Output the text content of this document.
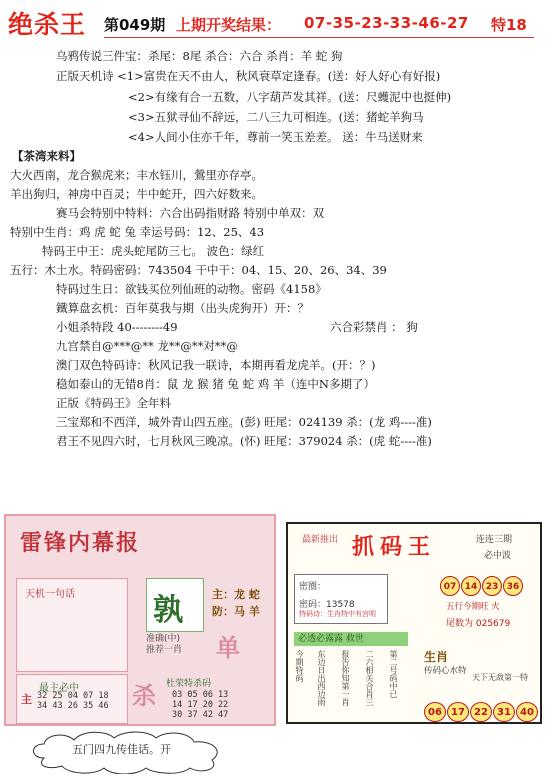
绝杀王 第049期 上期开奖结果： 07-35-23-33-46-27 特18
乌鸦传说三件宝：杀尾：8尾 杀合：六合 杀肖：羊 蛇 狗
正版天机诗 <1>富贵在天不由人，秋风衰草定逢春。(送：好人好心有好报)
<2>有缘有合一五数，八字葫芦发其祥。(送：尺蠖泥中也挺伸)
<3>五狱寻仙不辞远，二八三九可相连。(送：猪蛇羊狗马
<4>人间小住亦千年，尊前一笑玉差差。 送：牛马送财来
【茶湾来料】
大火西南，龙合猴虎来；丰水钰川，鶯里亦存亭。
羊出狗归，神房中百灵；牛中蛇开，四六好数来。
赛马会特别中特料：六合出码指财路 特别中单双：双
特别中生肖：鸡 虎 蛇 兔 幸运号码：12、25、43
特码王中王：虎头蛇尾防三七。 波色：绿红
五行：木土水。特码密码：743504 干中干：04、15、20、26、34、39
特码过生日：欲钱买位列仙班的动物。密码《4158》
鐵算盘玄机：百年莫我与期（出头虎狗开）开：？
小姐杀特段 40--------49	六合彩禁肖 ： 狗
九宫禁自@***@** 龙**@**对**@
澳门双色特码诗：秋风记我一联诗，本期再看龙虎羊。(开：？)
稳如泰山的无错8肖：鼠 龙 猴 猪 兔 蛇 鸡 羊（连中N多期了）
正版《特码王》全年料
三宝郑和不西洋，城外青山四五座。(彭) 旺尾：024139 杀：(龙 鸡----准)
君王不见四六时，七月秋风三晚凉。(怀) 旺尾：379024 杀：(虎 蛇----准)
雷锋内幕报
天机一句话	孰	主：龙 蛇
防：马 羊
单
准确(中)
推荐一肖
最主必中
主 32 25 04 07 18
34 43 26 35 46 杀 杜荣特杀码
03 05 06 13
14 17 20 22
30 37 42 47
最新推出 抓码王	连连三期
必中波
密圈：
密码：13578
特码诗：生肖特中有宫明
07 14 23 36
五行今期旺 火
尾数为 025679
必透必露露 救世
今期特码 东边日出西边雨 报告你知第一肖 二六相关合肖三 第二号码中已 生肖
传码心水特
天下无敌第一特
06 17 22 31 40
五门四九传佳话。开
